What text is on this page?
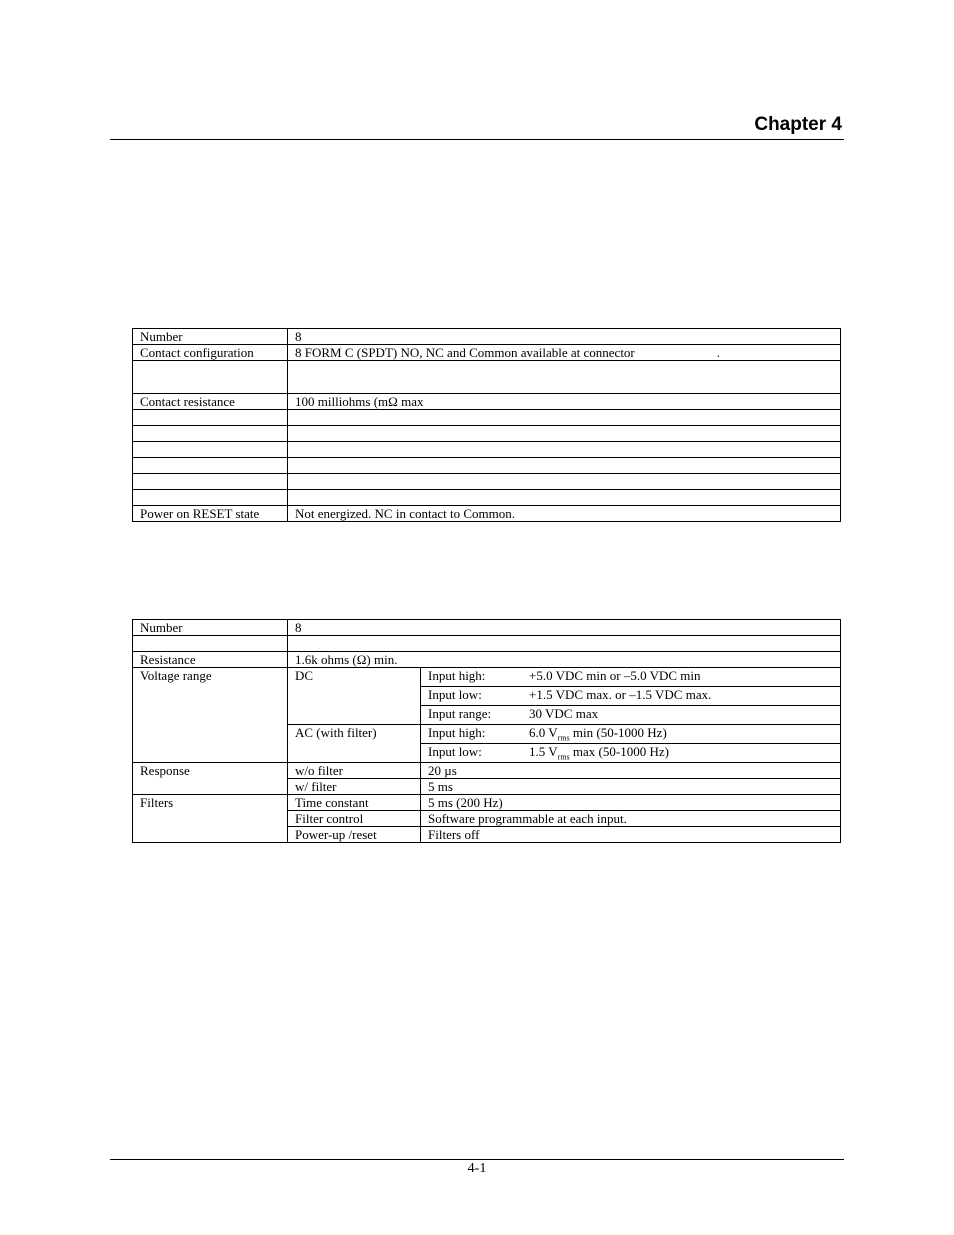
Chapter 4
Number	8
Contact configuration	8 FORM C (SPDT) NO, NC and Common available at connector .

Contact resistance	100 milliohms (mΩ max

Power on RESET state	Not energized. NC in contact to Common.
Number	8	

Resistance	1.6k ohms (Ω) min.	
Voltage range	DC	Input high: +5.0 VDC min or –5.0 VDC min
		Input low: +1.5 VDC max. or –1.5 VDC max.
		Input range: 30 VDC max
	AC (with filter)	Input high: 6.0 $V_{rms}$ min (50-1000 Hz)
		Input low: 1.5 $V_{rms}$ max (50-1000 Hz)
Response	w/o filter	20 µs
	w/ filter	5 ms
Filters	Time constant	5 ms (200 Hz)
	Filter control	Software programmable at each input.
	Power-up /reset	Filters off
4-1
